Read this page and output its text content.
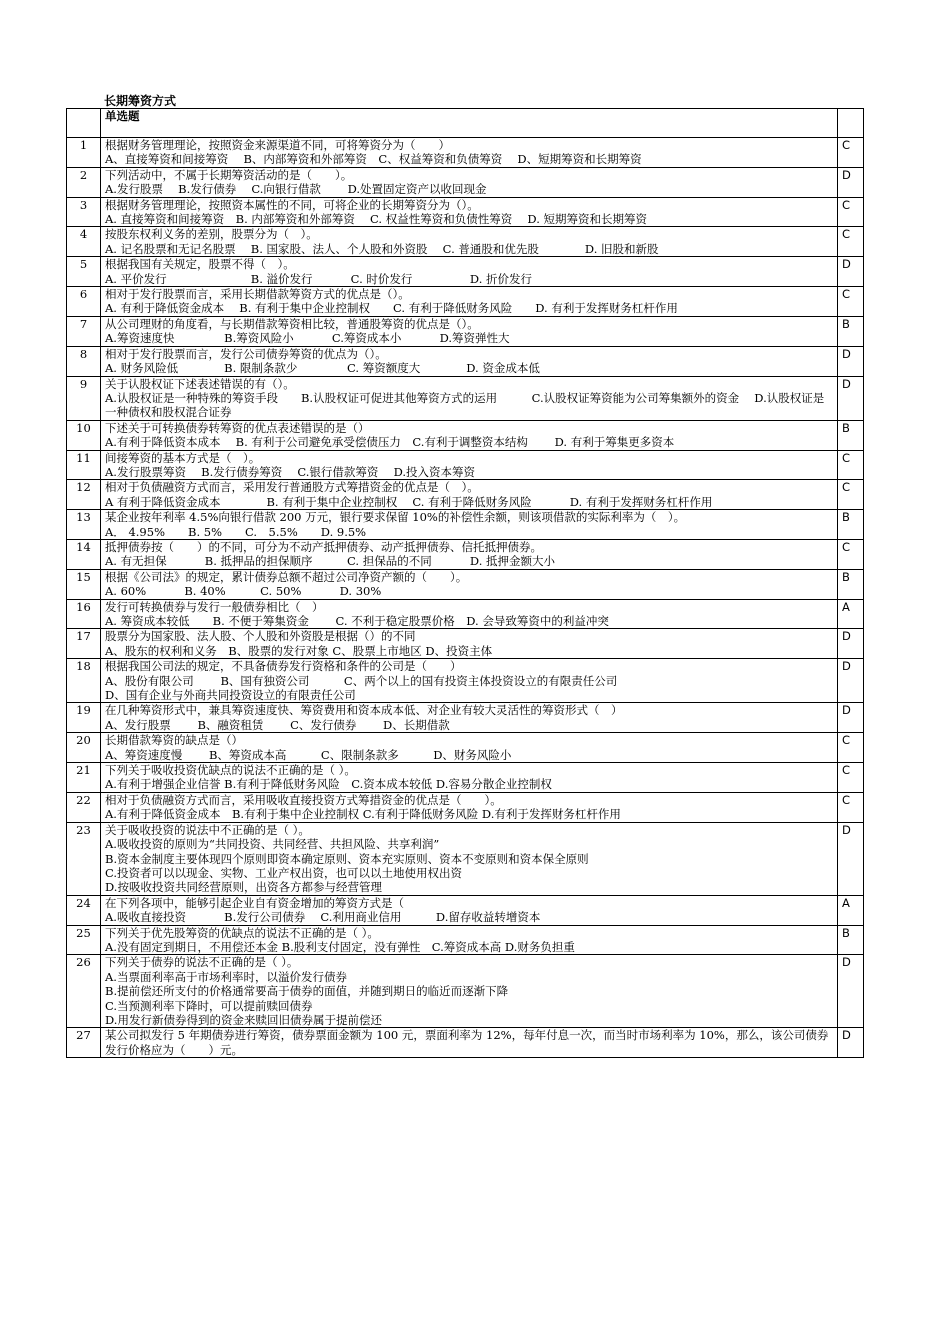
长期筹资方式
	单选题	
1	根据财务管理理论，按照资金来源渠道不同，可将筹资分为（　　）
A、直接筹资和间接筹资　 B、内部筹资和外部筹资　C、权益筹资和负债筹资　 D、短期筹资和长期筹资	C
2	下列活动中，不属于长期筹资活动的是（　　）。
A.发行股票　 B.发行债券　 C.向银行借款　　 D.处置固定资产以收回现金	D
3	根据财务管理理论，按照资本属性的不同，可将企业的长期筹资分为（）。
A. 直接筹资和间接筹资　B. 内部筹资和外部筹资　 C. 权益性筹资和负债性筹资　 D. 短期筹资和长期筹资	C
4	按股东权利义务的差别，股票分为（　）。
A. 记名股票和无记名股票　 B. 国家股、法人、个人股和外资股　 C. 普通股和优先股　　　　D. 旧股和新股	C
5	根据我国有关规定，股票不得（　）。
A. 平价发行　　　　　　　 B. 溢价发行　　　 C. 时价发行　　　　　D. 折价发行	D
6	相对于发行股票而言，采用长期借款筹资方式的优点是（）。
A. 有利于降低资金成本　 B. 有利于集中企业控制权　　C. 有利于降低财务风险　　D. 有利于发挥财务杠杆作用	C
7	从公司理财的角度看，与长期借款筹资相比较，普通股筹资的优点是（）。
A.筹资速度快　　　　 B.筹资风险小　　　 C.筹资成本小　　　 D.筹资弹性大	B
8	相对于发行股票而言，发行公司债券筹资的优点为（）。
A. 财务风险低　　　　B. 限制条款少　　　　 C. 筹资额度大　　　　D. 资金成本低	D
9	关于认股权证下述表述错误的有（）。
A.认股权证是一种特殊的筹资手段　　B.认股权证可促进其他筹资方式的运用　　　C.认股权证筹资能为公司筹集额外的资金　 D.认股权证是一种债权和股权混合证券	D
10	下述关于可转换债券转筹资的优点表述错误的是（）
A.有利于降低资本成本　 B. 有利于公司避免承受偿债压力　C.有利于调整资本结构　　 D. 有利于筹集更多资本	B
11	间接筹资的基本方式是（　）。
A.发行股票筹资　 B.发行债券筹资　 C.银行借款筹资　 D.投入资本筹资	C
12	相对于负债融资方式而言，采用发行普通股方式筹措资金的优点是（　）。
A 有利于降低资金成本　　　　B. 有利于集中企业控制权　 C. 有利于降低财务风险　　　 D. 有利于发挥财务杠杆作用	C
13	某企业按年利率 4.5%向银行借款 200 万元，银行要求保留 10%的补偿性余额，则该项借款的实际利率为（　）。
A． 4.95%　　B. 5%　　C.　5.5%　　D. 9.5%	B
14	抵押债券按（　　）的不同，可分为不动产抵押债券、动产抵押债券、信托抵押债券。
A. 有无担保　　　 B. 抵押品的担保顺序　　　C. 担保品的不同　　　 D. 抵押金额大小	C
15	根据《公司法》的规定，累计债券总额不超过公司净资产额的（　　）。
A. 60%　　　 B. 40%　　　C. 50%　　　 D. 30%	B
16	发行可转换债券与发行一般债券相比（　）
A. 筹资成本较低　　B. 不便于筹集资金　　 C. 不利于稳定股票价格　D. 会导致筹资中的利益冲突	A
17	股票分为国家股、法人股、个人股和外资股是根据（）的不同
A、股东的权利和义务　B、股票的发行对象 C、股票上市地区 D、投资主体	D
18	根据我国公司法的规定，不具备债券发行资格和条件的公司是（　　）
A、股份有限公司　　 B、国有独资公司　　　C、两个以上的国有投资主体投资设立的有限责任公司
D、国有企业与外商共同投资设立的有限责任公司	D
19	在几种筹资形式中，兼具筹资速度快、筹资费用和资本成本低、对企业有较大灵活性的筹资形式（　）
A、发行股票　　 B、融资租赁　　 C、发行债券　　 D、长期借款	D
20	长期借款筹资的缺点是（）
A、筹资速度慢　　 B、筹资成本高　　　C、限制条款多　　　D、财务风险小	C
21	下列关于吸收投资优缺点的说法不正确的是（ ）。
A.有利于增强企业信誉 B.有利于降低财务风险　C.资本成本较低 D.容易分散企业控制权	C
22	相对于负债融资方式而言，采用吸收直接投资方式筹措资金的优点是（　　）。
A.有利于降低资金成本　B.有利于集中企业控制权 C.有利于降低财务风险 D.有利于发挥财务杠杆作用	C
23	关于吸收投资的说法中不正确的是（ ）。
A.吸收投资的原则为“共同投资、共同经营、共担风险、共享利润”
B.资本金制度主要体现四个原则即资本确定原则、资本充实原则、资本不变原则和资本保全原则
C.投资者可以以现金、实物、工业产权出资，也可以以土地使用权出资
D.按吸收投资共同经营原则，出资各方都参与经营管理	D
24	在下列各项中，能够引起企业自有资金增加的筹资方式是（
A.吸收直接投资　　　 B.发行公司债券　 C.利用商业信用　　　D.留存收益转增资本	A
25	下列关于优先股筹资的优缺点的说法不正确的是（ ）。
A.没有固定到期日，不用偿还本金 B.股利支付固定，没有弹性　C.筹资成本高 D.财务负担重	B
26	下列关于债券的说法不正确的是（ ）。
A.当票面利率高于市场利率时，以溢价发行债券
B.提前偿还所支付的价格通常要高于债券的面值，并随到期日的临近而逐渐下降
C.当预测利率下降时，可以提前赎回债券
D.用发行新债券得到的资金来赎回旧债券属于提前偿还	D
27	某公司拟发行 5 年期债券进行筹资，债券票面金额为 100 元，票面利率为 12%，每年付息一次，而当时市场利率为 10%，那么，该公司债券发行价格应为（　　）元。	D
